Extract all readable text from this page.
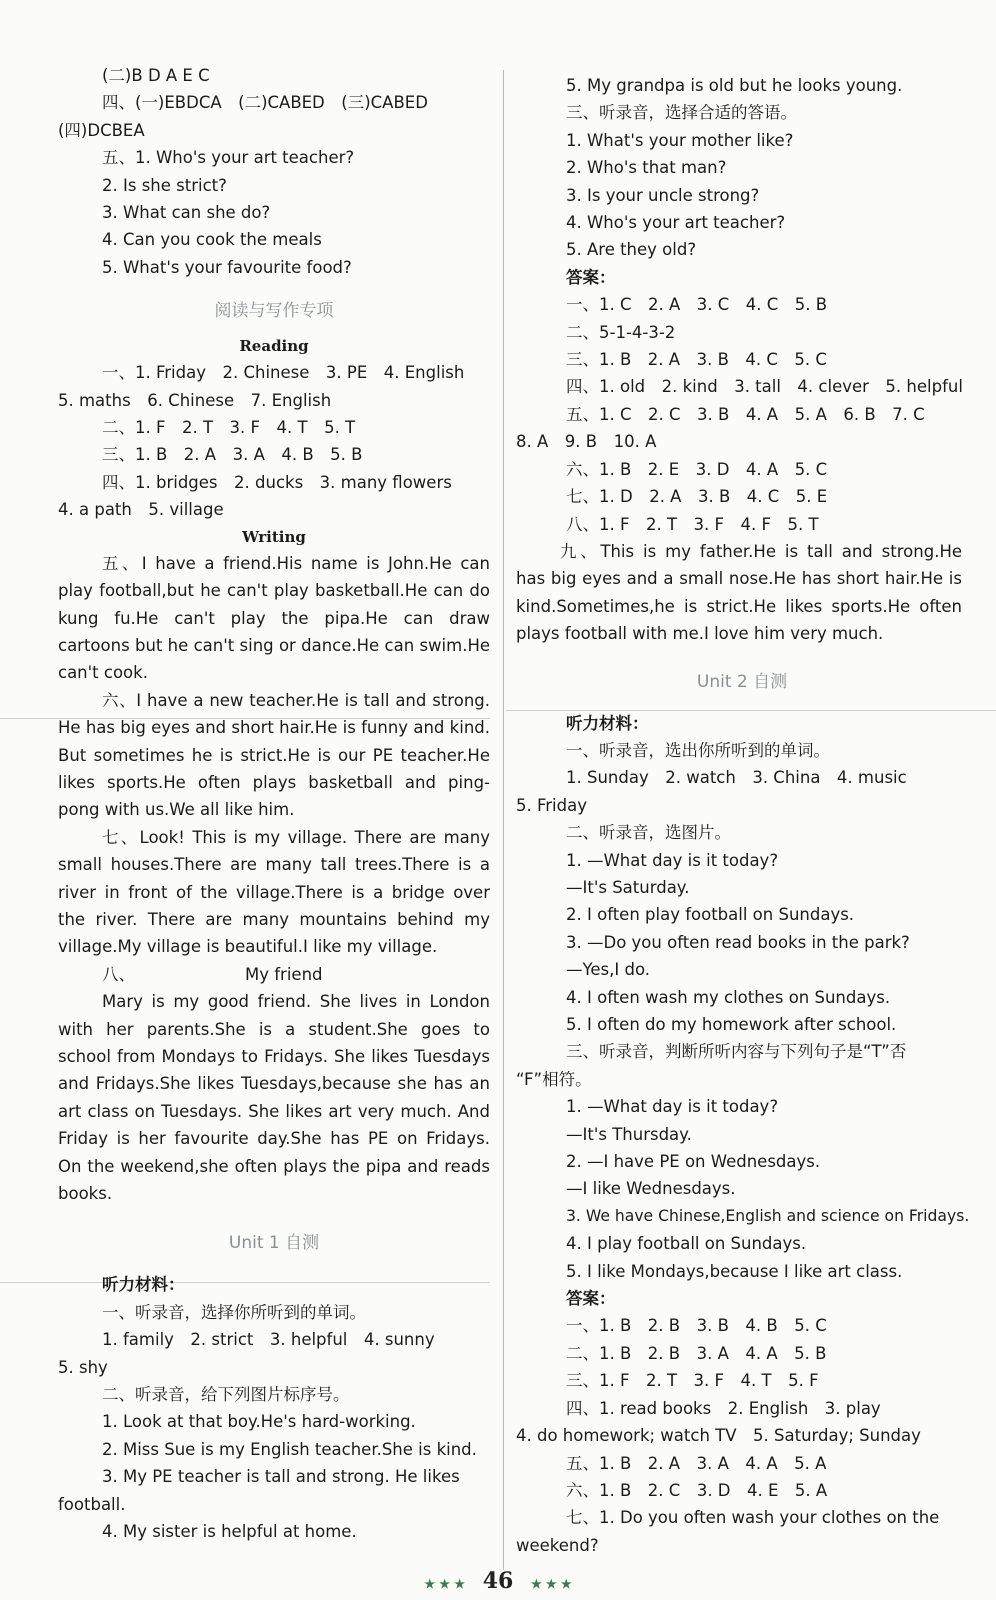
(二)B D A E C
四、(一)EBDCA　(二)CABED　(三)CABED
(四)DCBEA
五、1. Who's your art teacher?
2. Is she strict?
3. What can she do?
4. Can you cook the meals
5. What's your favourite food?
阅读与写作专项
Reading
一、1. Friday　2. Chinese　3. PE　4. English
5. maths　6. Chinese　7. English
二、1. F　2. T　3. F　4. T　5. T
三、1. B　2. A　3. A　4. B　5. B
四、1. bridges　2. ducks　3. many flowers
4. a path　5. village
Writing
五、I have a friend.His name is John.He can play football,but he can't play basketball.He can do kung fu.He can't play the pipa.He can draw cartoons but he can't sing or dance.He can swim.He can't cook.
六、I have a new teacher.He is tall and strong. He has big eyes and short hair.He is funny and kind. But sometimes he is strict.He is our PE teacher.He likes sports.He often plays basketball and ping-pong with us.We all like him.
七、Look! This is my village. There are many small houses.There are many tall trees.There is a river in front of the village.There is a bridge over the river. There are many mountains behind my village.My village is beautiful.I like my village.
八、	My friend
Mary is my good friend. She lives in London with her parents.She is a student.She goes to school from Mondays to Fridays. She likes Tuesdays and Fridays.She likes Tuesdays,because she has an art class on Tuesdays. She likes art very much. And Friday is her favourite day.She has PE on Fridays. On the weekend,she often plays the pipa and reads books.
Unit 1 自测
听力材料：
一、听录音，选择你所听到的单词。
1. family　2. strict　3. helpful　4. sunny
5. shy
二、听录音，给下列图片标序号。
1. Look at that boy.He's hard-working.
2. Miss Sue is my English teacher.She is kind.
3. My PE teacher is tall and strong. He likes
football.
4. My sister is helpful at home.
5. My grandpa is old but he looks young.
三、听录音，选择合适的答语。
1. What's your mother like?
2. Who's that man?
3. Is your uncle strong?
4. Who's your art teacher?
5. Are they old?
答案：
一、1. C　2. A　3. C　4. C　5. B
二、5-1-4-3-2
三、1. B　2. A　3. B　4. C　5. C
四、1. old　2. kind　3. tall　4. clever　5. helpful
五、1. C　2. C　3. B　4. A　5. A　6. B　7. C
8. A　9. B　10. A
六、1. B　2. E　3. D　4. A　5. C
七、1. D　2. A　3. B　4. C　5. E
八、1. F　2. T　3. F　4. F　5. T
九、This is my father.He is tall and strong.He has big eyes and a small nose.He has short hair.He is kind.Sometimes,he is strict.He likes sports.He often plays football with me.I love him very much.
Unit 2 自测
听力材料：
一、听录音，选出你所听到的单词。
1. Sunday　2. watch　3. China　4. music
5. Friday
二、听录音，选图片。
1. —What day is it today?
—It's Saturday.
2. I often play football on Sundays.
3. —Do you often read books in the park?
—Yes,I do.
4. I often wash my clothes on Sundays.
5. I often do my homework after school.
三、听录音，判断所听内容与下列句子是“T”否
“F”相符。
1. —What day is it today?
—It's Thursday.
2. —I have PE on Wednesdays.
—I like Wednesdays.
3. We have Chinese,English and science on Fridays.
4. I play football on Sundays.
5. I like Mondays,because I like art class.
答案：
一、1. B　2. B　3. B　4. B　5. C
二、1. B　2. B　3. A　4. A　5. B
三、1. F　2. T　3. F　4. T　5. F
四、1. read books　2. English　3. play
4. do homework; watch TV　5. Saturday; Sunday
五、1. B　2. A　3. A　4. A　5. A
六、1. B　2. C　3. D　4. E　5. A
七、1. Do you often wash your clothes on the
weekend?
★ ★ ★ 46 ★ ★ ★
